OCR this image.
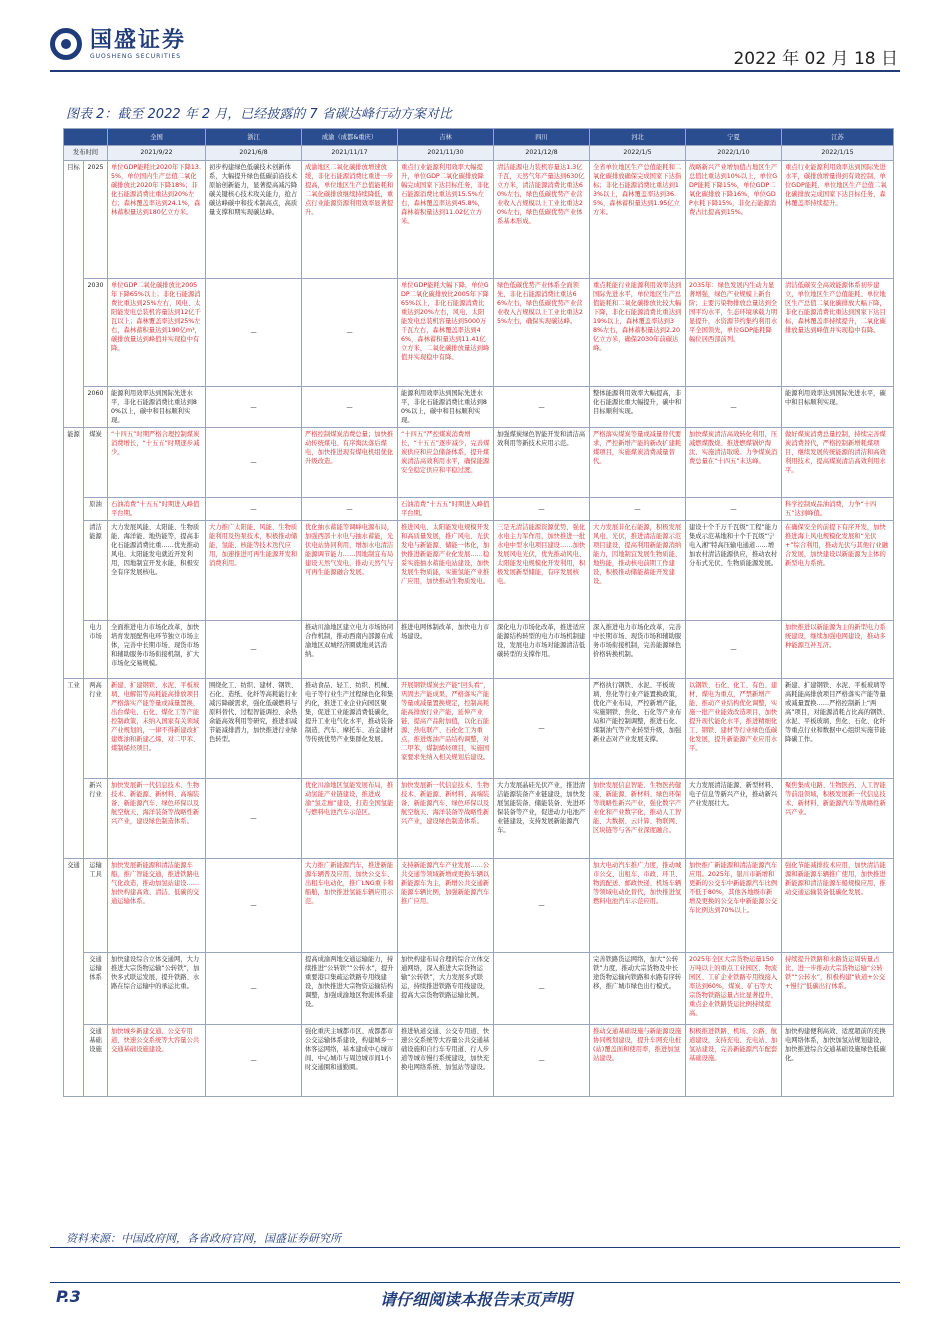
国盛证券
GUOSHENG SECURITIES	2022 年 02 月 18 日
图表 2：截至 2022 年 2 月，已经披露的 7 省碳达峰行动方案对比
		全国	浙江	成渝（成都&重庆）	吉林	四川	河北	宁夏	江苏
发布时间		2021/9/22	2021/6/8	2021/11/17	2021/11/30	2021/12/8	2022/1/5	2022/1/10	2022/1/15
目标	2025	单位GDP能耗比2020年下降13.5%，单位国内生产总值二氧化碳排放比2020年下降18%；非化石能源消费比重达到20%左右；森林覆盖率达到24.1%，森林蓄积量达到180亿立方米。	初步构建绿色低碳技术创新体系，大幅提升绿色低碳前沿技术原始创新能力，显著提高减污降碳关键核心技术攻关能力，抢占碳达峰碳中和技术制高点，高质量支撑和期实现碳达峰。	成渝地区二氧化碳排放增速放缓，非化石能源消费比重进一步提高，单位地区生产总值能耗和二氧化碳排放继续持续降低，重点行业能源资源利用效率显著提升。	重点行业能源利用效率大幅提升，单位GDP二氧化碳排放降幅完成国家下达目标任务，非化石能源消费比重达到15.5%左右，森林覆盖率达到45.8%，森林蓄积量达到11.02亿立方米。	清洁能源电力装机容量达1.3亿千瓦，天然气年产量达到630亿立方米，清洁能源消费比重达60%左右，绿色低碳优势产业营业收入占规模以上工业比重达20%左右，绿色低碳优势产业体系基本形成。	全省单位地区生产总值能耗和二氧化碳排放确保完成国家下达指标；非化石能源消费比重达到13%以上，森林覆盖率达到36.5%，森林蓄积量达到1.95亿立方米。	战略新兴产业增加值占地区生产总值比重达到10%以上，单位GDP能耗下降15%，单位GDP二氧化碳排放下降16%，单位GDP水耗下降15%，非化石能源消费占比提高到15%。	重点行业能源利用效率达到国际先进水平，碳排放增量得到有效控制，单位GDP能耗、单位地区生产总值二氧化碳排放完成国家下达目标任务，森林覆盖率持续提升。
	2030	单位GDP二氧化碳排放比2005年下降65%以上；非化石能源消费比重达到25%左右，风电、太阳能发电总装机容量达到12亿千瓦以上；森林覆盖率达到25%左右，森林蓄积量达到190亿m³，碳排放量达到峰值并实现稳中有降。	—	—	单位GDP能耗大幅下降，单位GDP二氧化碳排放比2005年下降65%以上，非化石能源消费比重达到20%左右，风电、太阳能发电总装机容量达到5000万千瓦左右，森林覆盖率达到46%，森林蓄积量达到11.41亿立方米，二氧化碳排放量达到峰值并实现稳中有降。	绿色低碳优势产业体系全面领先，非化石能源消费比重达66%左右，绿色低碳优势产业营业收入占规模以上工业比重达25%左右，确保实现碳达峰。	重点耗能行业能源利用效率达到国际先进水平，单位地区生产总值能耗和二氧化碳排放比较大幅下降，非化石能源消费比重达到19%以上，森林覆盖率达到38%左右，森林蓄积量达到2.20亿立方米，确保2030年前碳达峰。	2035年：绿色发展内生动力显著增强，绿色产业规模上新台阶；主要污染物排放总量达到全国平均水平，生态环境承载力明显提升，水资源节约集约利用水平全国领先，单位GDP能耗降幅位居西部前列。	清洁低碳安全高效能源体系初步建立，单位地区生产总值能耗、单位地区生产总值二氧化碳排放大幅下降，非化石能源消费比重达到国家下达目标，森林覆盖率持续提升，二氧化碳排放量达到峰值并实现稳中有降。
	2060	能源利用效率达到国际先进水平，非化石能源消费比重达到80%以上，碳中和目标顺利实现。	—	—	能源利用效率达到国际先进水平，非化石能源消费比重达到80%以上，碳中和目标顺利实现。	—	整体能源利用效率大幅提高，非化石能源比重大幅提升，碳中和目标顺利实现。	—	能源利用效率达到国际先进水平，碳中和目标顺利实现。
能源	煤炭	“十四五”时期严格合理控制煤炭消费增长，“十五五”时期逐步减少。	—	严格控制煤炭消费总量；加快推动传统煤电、有序淘汰落后煤电，加快推进现有煤电机组优化升级改造。	“十四五”严控煤炭消费增长，“十五五”逐步减少，完善煤炭供应和应急储备体系，提升煤炭清洁高效利用水平，确保能源安全稳定供应和平稳过渡。	加强煤炭绿色智能开发和清洁高效利用等新技术应用示范。	严格落实煤炭等量或减量替代要求，严控新增产能的新改扩建耗煤项目，实施煤炭消费减量替代。	加快煤炭清洁高效转化利用，压减燃煤散烧、推进燃煤锅炉淘汰、实施清洁取暖。力争煤炭消费总量在“十四五”末达峰。	做好煤炭消费总量控制，持续完善煤炭消费替代，严格控制新增耗煤项目，继续发展传统能源的清洁和高效利用技术，提高煤炭清洁高效利用水平。
	原油	石油消费“十五五”时期进入峰值平台期。	—	—	石油消费“十五五”时期进入峰值平台期。	—	—	—	科学控制成品油消费，力争“十四五”达到峰值。
	清洁能源	大力发展风能、太阳能、生物质能、海洋能、地热能等，提高非化石能源消费比重……优先推动风电、太阳能发电就近开发利用，因地制宜开发水能，积极安全有序发展核电。	大力推广太阳能、风能、生物质能利用及热泵技术，积极推动储能，氢能、核能等技术迭代应用，加速推进可再生能源开发和消费利用。	优化抽水蓄能等调峰电源布局，加强西部十水电与抽水蓄能，光伏电站协同利用，增加水电清洁能源调节能力……因地制宜布局建设天然气发电，推动天然气与可再生能源融合发展。	推进风电、太阳能发电规模开发和高质量发展，推广风电、光伏发电与新能源、储能一体化，加快推进新能源产业化发展……稳妥实施抽水蓄能电站建设，加快发展生物质能，实施氢能产业推广应用，加快推动生物质发电。	三是无清洁能源资源优势，强化水电主力军作用，加快推进一批水电中型水电项目建设……加快发展风电光伏，优先推动风电、太阳能发电规模化开发利用，积极发展新型储能，有序发展核电。	大力发展非化石能源，积极发展风电、光伏，推进清洁能源示范项目建设，提高利用新能源消纳能力，因地制宜发展生物质能、地热能，推动核电前期工作建设，积极推动储能蓄能开发建设。	建设十个千万千瓦级“工程”能力集成示范基地和十个千瓦级“宁电入湘”特高压输电通道……增加农村清洁能源供应，推动农村分布式光伏、生物质能源发展。	在确保安全的前提下有序开发，加快推进海上风电规模化发展和“光伏+”综合利用，推动光伏与其他行业融合发展，加快建设以新能源为主体的新型电力系统。
	电力市场	全面推进电力市场化改革，加快培育发展配售电环节独立市场主体，完善中长期市场、现货市场和辅助服务市场衔接机制，扩大市场化交易规模。	—	推动川渝地区建立电力市场协同合作机制，推动西南内部源在成渝地区双城经济圈就地灵活消纳。	推进电网体制改革，加快电力市场建设。	深化电力市场化改革，推进适应能源结构转型的电力市场机制建设，发展电力市场对能源清洁低碳转型的支撑作用。	深入推进电力市场化改革，完善中长期市场、现货市场和辅助服务市场衔接机制，完善能源绿色价格转换机制。	—	加快推进以新能源为主的新型电力系统建设，继续加强电网建设，推动多种能源互补互济。
工业	两高行业	新建、扩建钢铁、水泥、平板玻璃、电解铝等高耗能高排放项目严格落实产能等量或减量置换，出台煤电、石化、煤化工等产能控制政策，未纳入国家有关领域产业规划的，一律不得新建改扩建炼油和新建乙烯、对二甲苯、煤制烯烃项目。	围绕化工、纺织、建材、钢铁、石化、造纸、化纤等高耗能行业减污降碳需求，强化低碳燃料与原料替代、过程智能调控、余热余能高效利用等研究，推进扣减节能减排潜力，加快推进行业绿色转型。	推动食品、轻工、纺织、机械、电子等行业生产过程绿色化和集约化，推进工业企业向园区聚集，促进工业能源消费低碳化，提升工业电气化水平，推动装备制造、汽车、摩托车、冶金建材等传统优势产业集群化发展。	开展钢铁煤炭去产能“回头看”，巩固去产能成果，严格落实产能等量或减量置换规定，控制高耗能高排放行业产能，延伸产业链，提高产品附加值，以化石能源、热电联产、石化化工为重点，推进炼油产品结构调整，对二甲苯，煤制烯烃项目，实施国家要求先纳入相关规划后建设。	—	严格执行钢铁、水泥、平板玻璃、焦化等行业产能置换政策，优化产业布局，严控新增产能，实施钢铁、焦化、石化等产业布局和产能控制调整，推进石化、煤制油气等产业转型升级，加强新业态对产业发展支撑。	以钢铁、石化、化工、有色、建材、煤电为重点，严禁新增产能、推动产业结构优化调整，实施一批产业能效改造项目，加快提升现代能化水平，推进精细化工、钢铁、建材等行业绿色低碳化发展，提升新能源产业应用水平。	新建、扩建钢铁、水泥、平板玻璃等高耗能高排放项目严格落实产能等量或减量置换……严格控制新上“两高”项目，对能源消耗占比高的钢铁、水泥、平板玻璃、焦化、石化、化纤等重点行业和数据中心组织实施节能降碳工作。
	新兴行业	加快发展新一代信息技术、生物技术、新能源、新材料、高端装备、新能源汽车、绿色环保以及航空航天、海洋装备等战略性新兴产业，建设绿色制造体系。	—	优化川渝地区氢能发展布局，推动氢能产业链建设，推进成渝“氢走廊”建设，打造全国氢能与燃料电池汽车示范区。	加快发展新一代信息技术、生物技术、新能源、新材料、高端装备、新能源汽车、绿色环保以及航空航天、海洋装备等战略性新兴产业，建设绿色制造体系。	大力发展晶硅光伏产业，推进清洁能源装备产业链建设，加快发展氢能装备、储能装备、先进环保装备等产业，促进动力电池产业链建设，支持发展新能源汽车。	加快发展信息智能、生物医药健康、新能源、新材料、绿色环保等战略性新兴产业，强化数字产业化和产业数字化，推动人工智能、大数据、云计算、物联网、区块链等与各产业深度融合。	大力发展清洁能源、新型材料、电子信息等新兴产业，推动新兴产业发展壮大。	聚焦集成电路、生物医药、人工智能等前沿领域，积极发展新一代信息技术、新材料、新能源汽车等战略性新兴产业。
交通	运输工具	加快发展新能源和清洁能源车船，推广智能交通，推进铁路电气化改造，推动加氢站建设……加快构建高效、清洁、低碳的交通运输体系。	—	大力推广新能源汽车，推进新能源车辆普及应用，加快公交车、出租车电动化，推广LNG重卡和船舶，加快推进氢能车辆应用示范。	支持新能源汽车产业发展……公共交通等领域新增或更换车辆以新能源车为主，新增公共交通新能源车辆比例，加强新能源汽车推广应用。	—	加大电动汽车推广力度，推动城市公交、出租车、市政、环卫、物流配送、邮政快递、机场车辆等领域电动化替代，加快推进氢燃料电池汽车示范应用。	加快推广新能源和清洁能源汽车应用。2025年，银川市新增和更新的公交车中新能源汽车比例不低于80%，其他各地级市新增及更换的公交车中新能源公交车比例达到70%以上。	强化节能减排技术应用，加快清洁能源和新能源车辆推广使用，加快推进新能源和清洁能源车船规模应用，推动交通运输装备低碳化发展。
	交通运输体系	加快建设综合立体交通网，大力推进大宗货物运输“公转铁”，加快多式联运发展，提升铁路、水路在综合运输中的承运比重。	—	提高成渝两地交通运输能力，持续推进“公转铁”“公转水”，提升重要港口集疏运铁路专用线建设，加快推进大宗物资运输结构调整，加强成渝地区物流体系建设。	加快构建布局合理的综合立体交通网络，深入推进大宗货物运输“公转铁”，大力发展多式联运，持续推进铁路专用线建设，提高大宗货物铁路运输比例。	—	完善铁路货运网络，加大“公转铁”力度，推动大宗货物及中长途货物运输向铁路和水路有序转移，推广城市绿色出行模式。	2025年全区大宗货物运量150万吨以上的重点工业园区、物流园区、工矿企业铁路专用线接入率达到60%，煤炭、矿石等大宗货物铁路运量占比显著提升，重点企业铁路货运比例持续提高。	持续提升铁路和水路货运周转量占比，进一步推动大宗货物运输“公转铁”“公转水”，积极构建“轨道+公交+慢行”低碳出行体系。
	交通基础设施	加快城乡新建交通、公交专用道、快速公交系统等大容量公共交通基础设施建设。	—	强化重庆主城都市区、成都都市公交运输体系建设，构建城乡一体客运网络，基本建成中心城市间、中心城市与周边城市间1小时交通圈和通勤圈。	推进轨道交通、公交专用道、快速公交系统等大容量公共交通基础设施和自行车专用道、行人步道等城市慢行系统建设，加快充换电网络系统、加氢站等建设。	—	推动交通基础设施与新能源设施协同规划建设，提升车网充电桩(站)覆盖面和使用率，推进加氢站建设。	积极推进铁路、机场、公路、航道建设，支持充电、充电站、加氢站建设，完善新能源汽车配套基础设施。	加快构建便利高效、适度超前的充换电网络体系，加快加氢站规划建设，加快推进综合交通基础设施绿色低碳化。
资料来源：中国政府网，各省政府官网，国盛证券研究所
P.3	请仔细阅读本报告末页声明
